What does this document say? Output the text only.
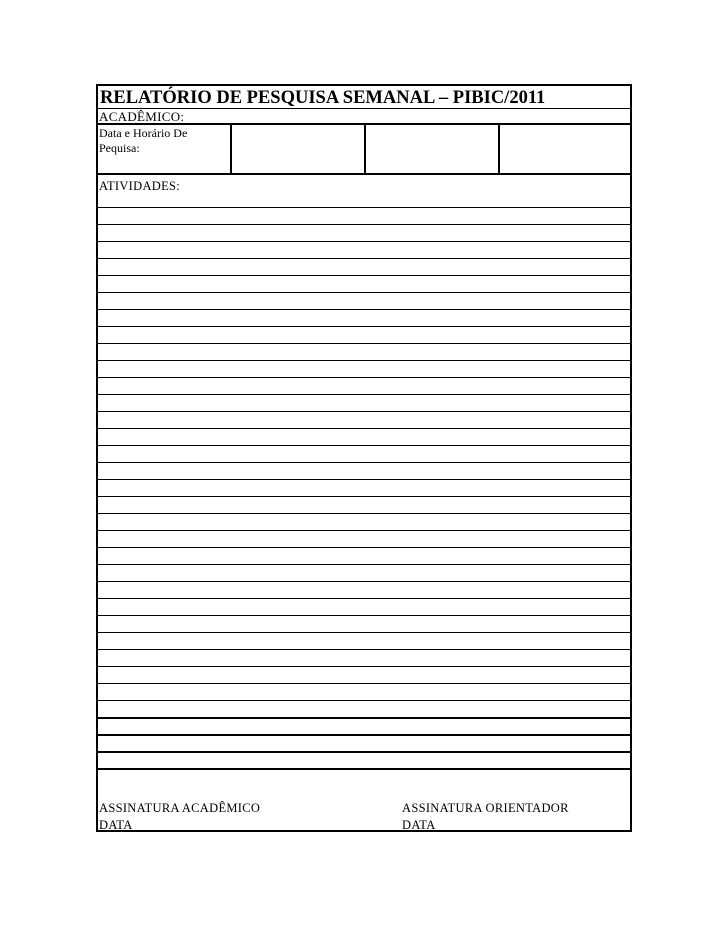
RELATÓRIO DE PESQUISA SEMANAL – PIBIC/2011
ACADÊMICO:
Data e Horário De
Pequisa:
ATIVIDADES:
ASSINATURA ACADÊMICO
DATA
ASSINATURA ORIENTADOR
DATA
